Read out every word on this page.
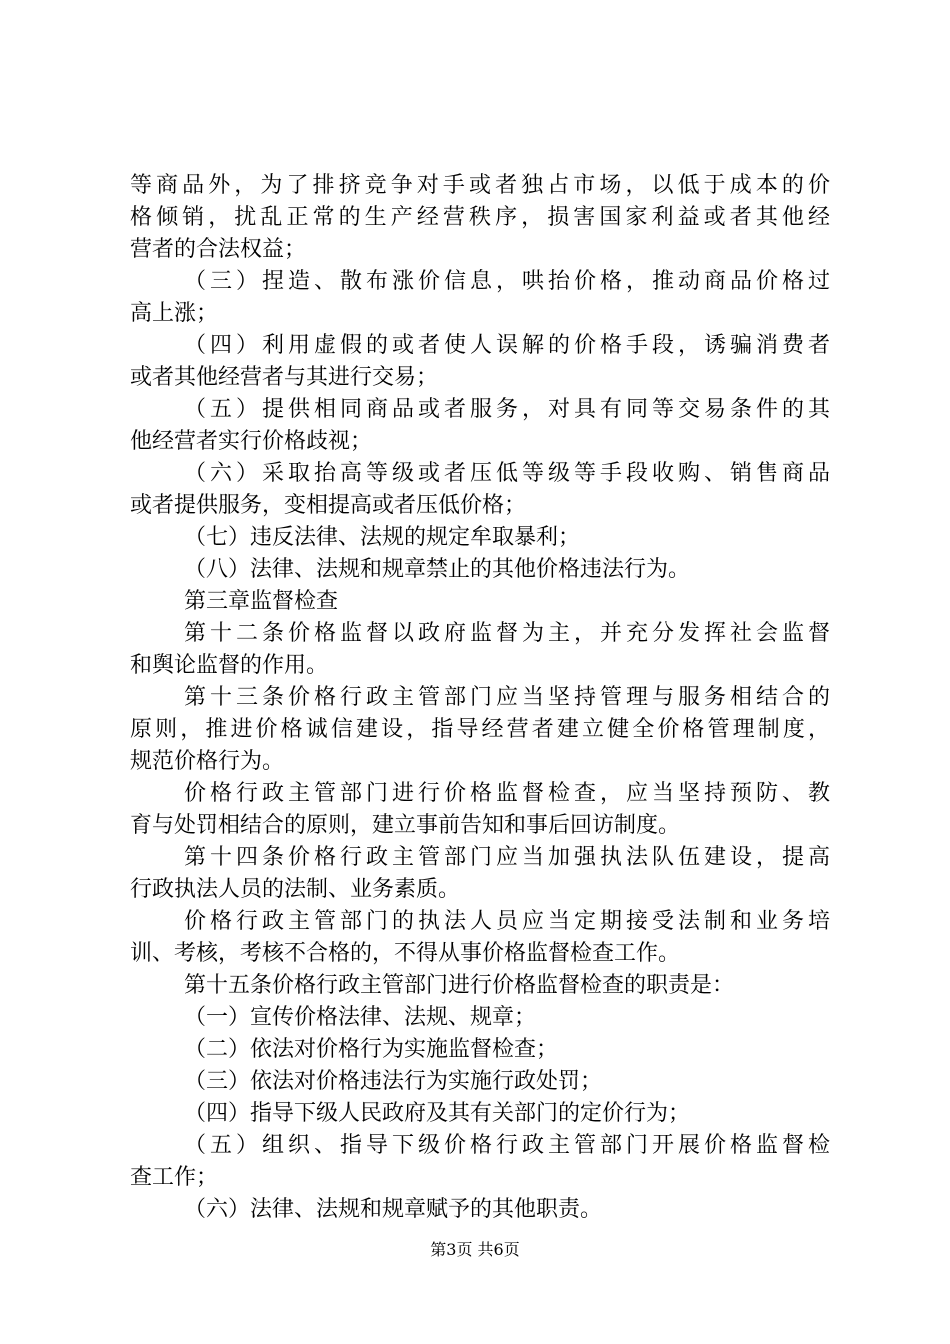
等商品外，为了排挤竞争对手或者独占市场，以低于成本的价
格倾销，扰乱正常的生产经营秩序，损害国家利益或者其他经
营者的合法权益；
（三）捏造、散布涨价信息，哄抬价格，推动商品价格过
高上涨；
（四）利用虚假的或者使人误解的价格手段，诱骗消费者
或者其他经营者与其进行交易；
（五）提供相同商品或者服务，对具有同等交易条件的其
他经营者实行价格歧视；
（六）采取抬高等级或者压低等级等手段收购、销售商品
或者提供服务，变相提高或者压低价格；
（七）违反法律、法规的规定牟取暴利；
（八）法律、法规和规章禁止的其他价格违法行为。
第三章监督检查
第十二条价格监督以政府监督为主，并充分发挥社会监督
和舆论监督的作用。
第十三条价格行政主管部门应当坚持管理与服务相结合的
原则，推进价格诚信建设，指导经营者建立健全价格管理制度，
规范价格行为。
价格行政主管部门进行价格监督检查，应当坚持预防、教
育与处罚相结合的原则，建立事前告知和事后回访制度。
第十四条价格行政主管部门应当加强执法队伍建设，提高
行政执法人员的法制、业务素质。
价格行政主管部门的执法人员应当定期接受法制和业务培
训、考核，考核不合格的，不得从事价格监督检查工作。
第十五条价格行政主管部门进行价格监督检查的职责是：
（一）宣传价格法律、法规、规章；
（二）依法对价格行为实施监督检查；
（三）依法对价格违法行为实施行政处罚；
（四）指导下级人民政府及其有关部门的定价行为；
（五）组织、指导下级价格行政主管部门开展价格监督检
查工作；
（六）法律、法规和规章赋予的其他职责。
第3页 共6页
